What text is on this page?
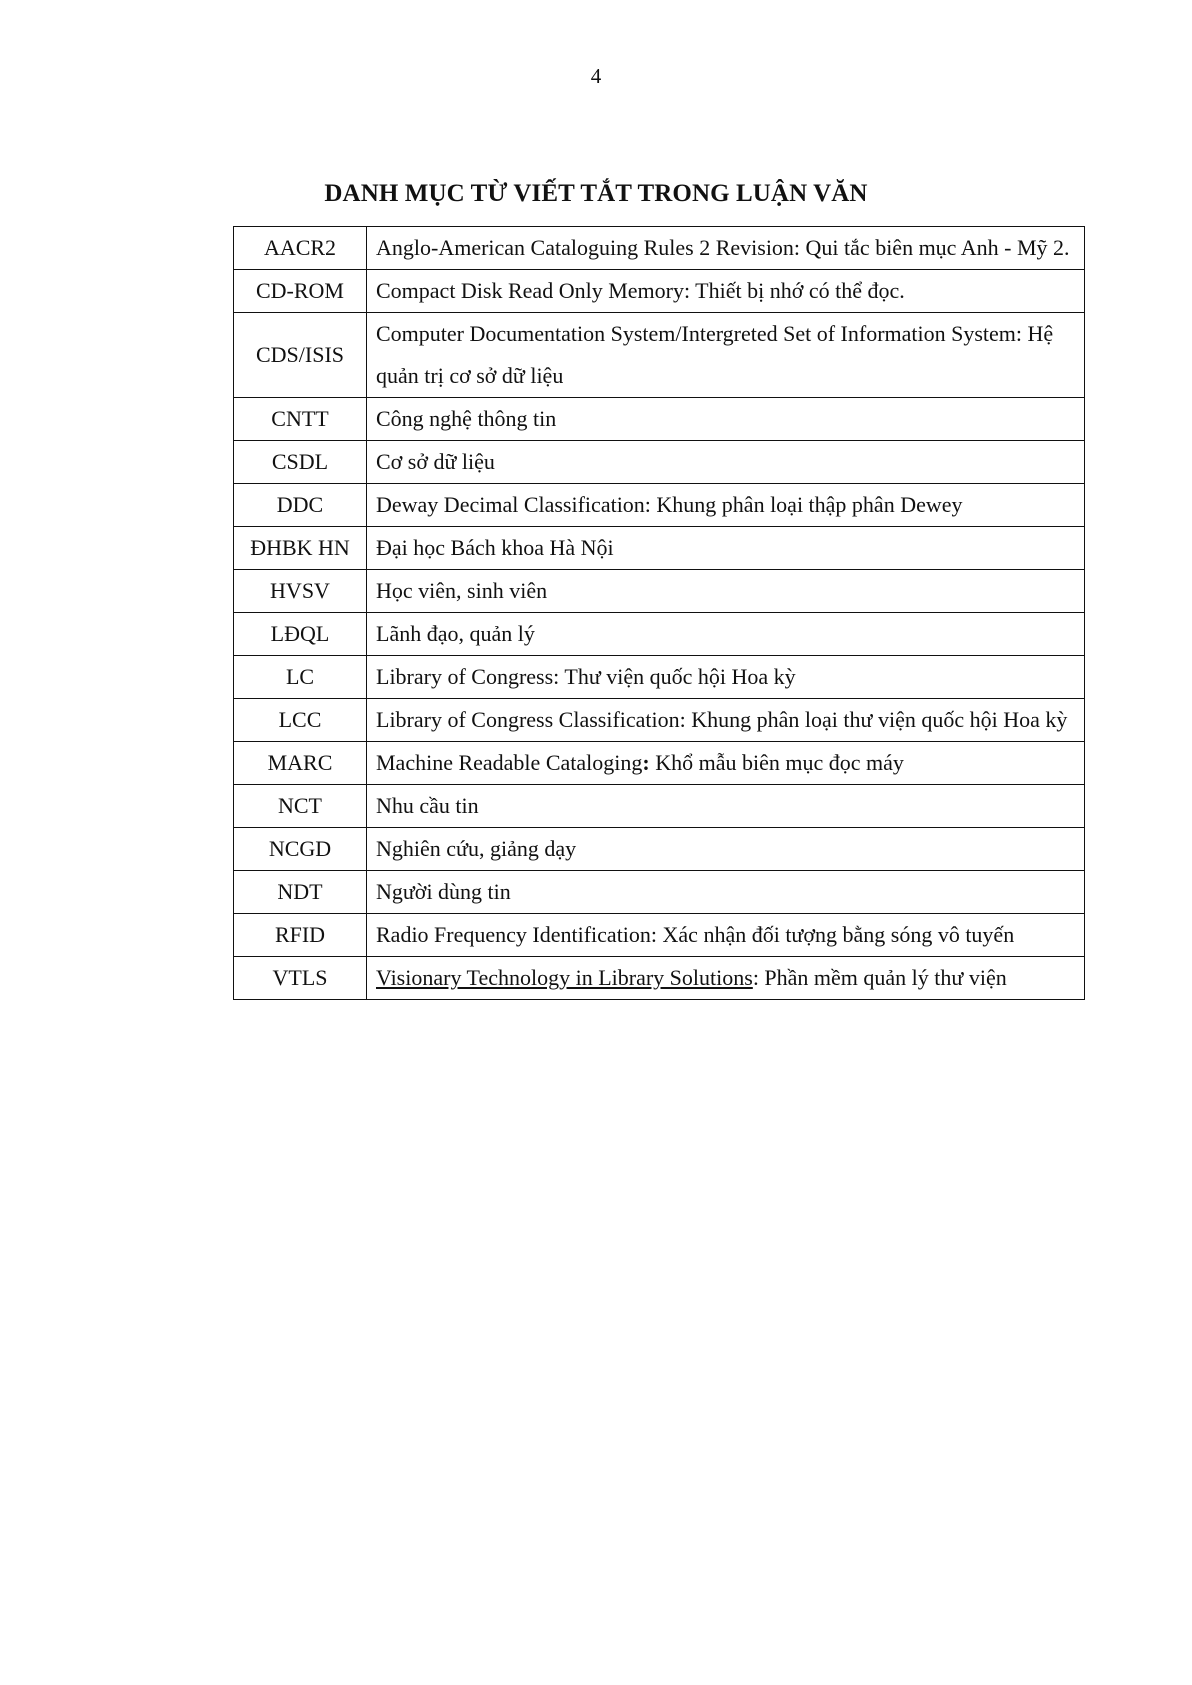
4
DANH MỤC TỪ VIẾT TẮT TRONG LUẬN VĂN
AACR2	Anglo-American Cataloguing Rules 2 Revision: Qui tắc biên mục Anh - Mỹ 2.
CD-ROM	Compact Disk Read Only Memory: Thiết bị nhớ có thể đọc.
CDS/ISIS	Computer Documentation System/Intergreted Set of Information System: Hệ quản trị cơ sở dữ liệu
CNTT	Công nghệ thông tin
CSDL	Cơ sở dữ liệu
DDC	Deway Decimal Classification: Khung phân loại thập phân Dewey
ĐHBK HN	Đại học Bách khoa Hà Nội
HVSV	Học viên, sinh viên
LĐQL	Lãnh đạo, quản lý
LC	Library of Congress: Thư viện quốc hội Hoa kỳ
LCC	Library of Congress Classification: Khung phân loại thư viện quốc hội Hoa kỳ
MARC	Machine Readable Cataloging: Khổ mẫu biên mục đọc máy
NCT	Nhu cầu tin
NCGD	Nghiên cứu, giảng dạy
NDT	Người dùng tin
RFID	Radio Frequency Identification: Xác nhận đối tượng bằng sóng vô tuyến
VTLS	Visionary Technology in Library Solutions: Phần mềm quản lý thư viện
